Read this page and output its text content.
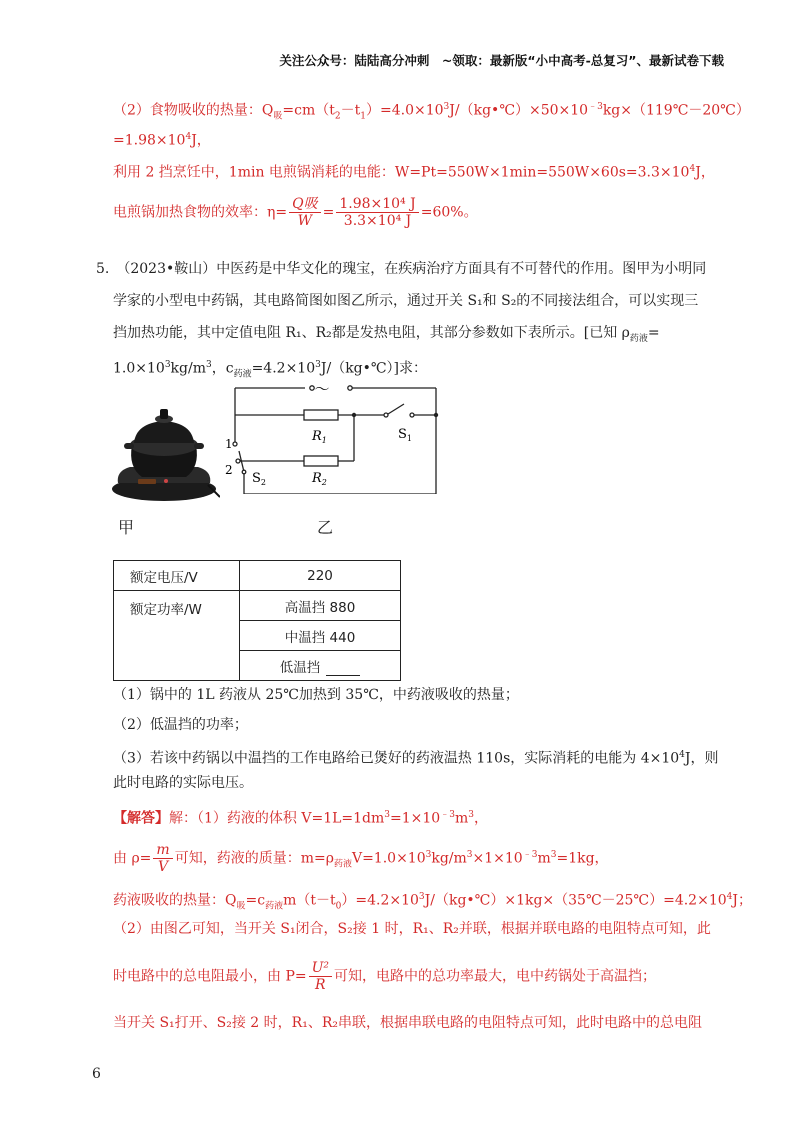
关注公众号：陆陆高分冲刺　~领取：最新版“小中高考-总复习”、最新试卷下载
（2）食物吸收的热量：$Q_吸=cm(t_2-t_1)=4.0\times 10^3J/(kg•℃)\times 50\times 10^{﹣3}kg\times(119℃-20℃)$
$=1.98\times 10^4J$，
利用 2 挡烹饪中，1min 电煎锅消耗的电能：$W=Pt=550W\times 1\min=550W\times 60s=3.3\times 10^4J$，
电煎锅加热食物的效率：$\eta= \frac{\text{Q吸}}{W} = \frac{\text{1.98×10⁴ J}}{\text{3.3×10⁴ J}} =60\%$。
5.　（2023•鞍山）中医药是中华文化的瑰宝，在疾病治疗方面具有不可替代的作用。图甲为小明同
学家的小型电中药锅，其电路简图如图乙所示，通过开关 S₁和 S₂的不同接法组合，可以实现三
挡加热功能，其中定值电阻 R₁、R₂都是发热电阻，其部分参数如下表所示。[已知 $\rho_{药液}=$
$1.0\times 10^3kg/m^3$，$c_{药液}=4.2\times 10^3J/(kg•℃)$]求：
甲
～
$R_1$
$R_2$
$S_1$
$S_2$
1
2
乙
额定电压/V	220
额定功率/W	高温挡 880
	中温挡 440
	低温挡
（1）锅中的 1L 药液从 25℃加热到 35℃，中药液吸收的热量；
（2）低温挡的功率；
（3）若该中药锅以中温挡的工作电路给已煲好的药液温热 110s，实际消耗的电能为 $4\times 10^4J$，则
此时电路的实际电压。
【解答】解：（1）药液的体积 $V=1L=1dm^3=1\times 10^{﹣3}m^3$，
由 $\rho= \frac{m}{V}$ 可知，药液的质量：$m=\rho_{药液}V=1.0\times 10^3kg/m^3\times 1\times 10^{﹣3}m^3=1kg$，
药液吸收的热量：$Q_吸=c_{药液}m(t-t_0)=4.2\times 10^3J/(kg•℃)\times 1kg\times(35℃-25℃)=4.2\times 10^4J$；
（2）由图乙可知，当开关 S₁闭合，S₂接 1 时，R₁、R₂并联，根据并联电路的电阻特点可知，此
时电路中的总电阻最小，由 $P= \frac{\text{U²}}{R}$ 可知，电路中的总功率最大，电中药锅处于高温挡；
当开关 S₁打开、S₂接 2 时，R₁、R₂串联，根据串联电路的电阻特点可知，此时电路中的总电阻
6
